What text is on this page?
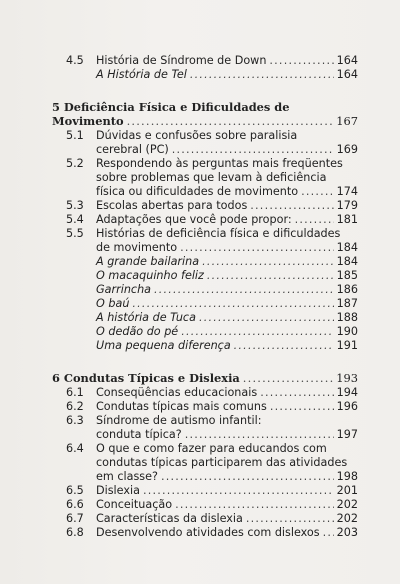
4.5	História de Síndrome de Down .....	164
A História de Tel .....	164
5 Deficiência Física e Dificuldades de
Movimento .....	167
5.1 Dúvidas e confusões sobre paralisia
cerebral (PC) .....	169
5.2 Respondendo às perguntas mais freqüentes
sobre problemas que levam à deficiência
física ou dificuldades de movimento .....	174
5.3	Escolas abertas para todos .....	179
5.4	Adaptações que você pode propor: .....	181
5.5 Histórias de deficiência física e dificuldades
de movimento .....	184
A grande bailarina .....	184
O macaquinho feliz .....	185
Garrincha .....	186
O baú .....	187
A história de Tuca .....	188
O dedão do pé .....	190
Uma pequena diferença .....	191
6 Condutas Típicas e Dislexia .....	193
6.1	Conseqüências educacionais .....	194
6.2	Condutas típicas mais comuns .....	196
6.3 Síndrome de autismo infantil:
conduta típica? .....	197
6.4 O que e como fazer para educandos com
condutas típicas participarem das atividades
em classe? .....	198
6.5	Dislexia .....	201
6.6	Conceituação .....	202
6.7	Características da dislexia .....	202
6.8	Desenvolvendo atividades com dislexos ..... 203
